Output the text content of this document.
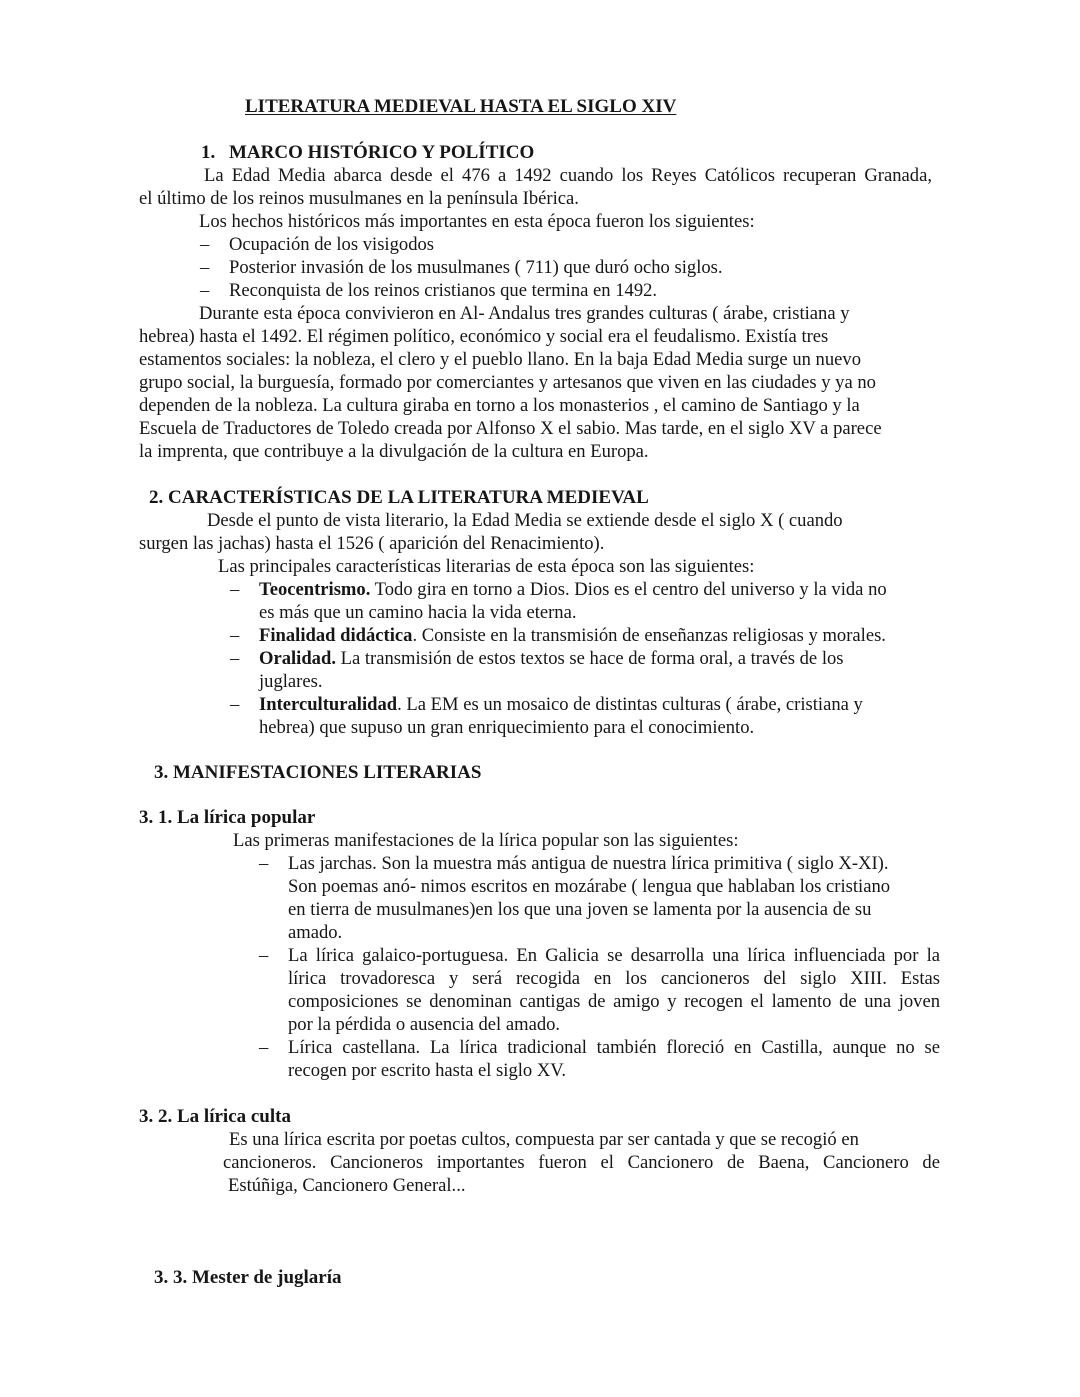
LITERATURA MEDIEVAL HASTA EL SIGLO XIV
1. MARCO HISTÓRICO Y POLÍTICO
La Edad Media abarca desde el 476 a 1492 cuando los Reyes Católicos recuperan Granada,
el último de los reinos musulmanes en la península Ibérica.
Los hechos históricos más importantes en esta época fueron los siguientes:
– Ocupación de los visigodos
– Posterior invasión de los musulmanes ( 711) que duró ocho siglos.
– Reconquista de los reinos cristianos que termina en 1492.
Durante esta época convivieron en Al- Andalus tres grandes culturas ( árabe, cristiana y
hebrea) hasta el 1492. El régimen político, económico y social era el feudalismo. Existía tres
estamentos sociales: la nobleza, el clero y el pueblo llano. En la baja Edad Media surge un nuevo
grupo social, la burguesía, formado por comerciantes y artesanos que viven en las ciudades y ya no
dependen de la nobleza. La cultura giraba en torno a los monasterios , el camino de Santiago y la
Escuela de Traductores de Toledo creada por Alfonso X el sabio. Mas tarde, en el siglo XV a parece
la imprenta, que contribuye a la divulgación de la cultura en Europa.
2. CARACTERÍSTICAS DE LA LITERATURA MEDIEVAL
Desde el punto de vista literario, la Edad Media se extiende desde el siglo X ( cuando
surgen las jachas) hasta el 1526 ( aparición del Renacimiento).
Las principales características literarias de esta época son las siguientes:
– Teocentrismo. Todo gira en torno a Dios. Dios es el centro del universo y la vida no
es más que un camino hacia la vida eterna.
– Finalidad didáctica. Consiste en la transmisión de enseñanzas religiosas y morales.
– Oralidad. La transmisión de estos textos se hace de forma oral, a través de los
juglares.
– Interculturalidad. La EM es un mosaico de distintas culturas ( árabe, cristiana y
hebrea) que supuso un gran enriquecimiento para el conocimiento.
3. MANIFESTACIONES LITERARIAS
3. 1. La lírica popular
Las primeras manifestaciones de la lírica popular son las siguientes:
– Las jarchas. Son la muestra más antigua de nuestra lírica primitiva ( siglo X-XI).
Son poemas anó- nimos escritos en mozárabe ( lengua que hablaban los cristiano
en tierra de musulmanes)en los que una joven se lamenta por la ausencia de su
amado.
– La lírica galaico-portuguesa. En Galicia se desarrolla una lírica influenciada por la
lírica trovadoresca y será recogida en los cancioneros del siglo XIII. Estas
composiciones se denominan cantigas de amigo y recogen el lamento de una joven
por la pérdida o ausencia del amado.
– Lírica castellana. La lírica tradicional también floreció en Castilla, aunque no se
recogen por escrito hasta el siglo XV.
3. 2. La lírica culta
Es una lírica escrita por poetas cultos, compuesta par ser cantada y que se recogió en
cancioneros. Cancioneros importantes fueron el Cancionero de Baena, Cancionero de
Estúñiga, Cancionero General...
3. 3. Mester de juglaría
